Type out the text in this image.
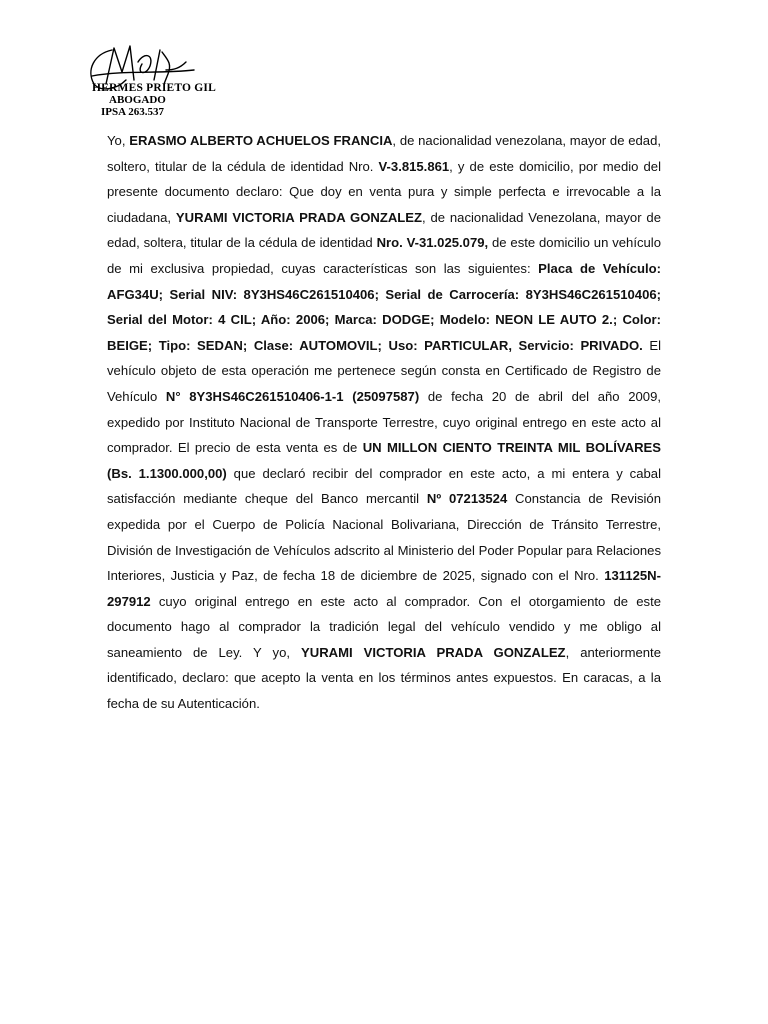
HERMES PRIETO GIL
ABOGADO
IPSA 263.537

Yo, ERASMO ALBERTO ACHUELOS FRANCIA, de nacionalidad venezolana, mayor de edad, soltero, titular de la cédula de identidad Nro. V-3.815.861, y de este domicilio, por medio del presente documento declaro: Que doy en venta pura y simple perfecta e irrevocable a la ciudadana, YURAMI VICTORIA PRADA GONZALEZ, de nacionalidad Venezolana, mayor de edad, soltera, titular de la cédula de identidad Nro. V-31.025.079, de este domicilio un vehículo de mi exclusiva propiedad, cuyas características son las siguientes: Placa de Vehículo: AFG34U; Serial NIV: 8Y3HS46C261510406; Serial de Carrocería: 8Y3HS46C261510406; Serial del Motor: 4 CIL; Año: 2006; Marca: DODGE; Modelo: NEON LE AUTO 2.; Color: BEIGE; Tipo: SEDAN; Clase: AUTOMOVIL; Uso: PARTICULAR, Servicio: PRIVADO. El vehículo objeto de esta operación me pertenece según consta en Certificado de Registro de Vehículo N° 8Y3HS46C261510406-1-1 (25097587) de fecha 20 de abril del año 2009, expedido por Instituto Nacional de Transporte Terrestre, cuyo original entrego en este acto al comprador. El precio de esta venta es de UN MILLON CIENTO TREINTA MIL BOLÍVARES (Bs. 1.1300.000,00) que declaró recibir del comprador en este acto, a mi entera y cabal satisfacción mediante cheque del Banco mercantil Nº 07213524 Constancia de Revisión expedida por el Cuerpo de Policía Nacional Bolivariana, Dirección de Tránsito Terrestre, División de Investigación de Vehículos adscrito al Ministerio del Poder Popular para Relaciones Interiores, Justicia y Paz, de fecha 18 de diciembre de 2025, signado con el Nro. 131125N-297912 cuyo original entrego en este acto al comprador. Con el otorgamiento de este documento hago al comprador la tradición legal del vehículo vendido y me obligo al saneamiento de Ley. Y yo, YURAMI VICTORIA PRADA GONZALEZ, anteriormente identificado, declaro: que acepto la venta en los términos antes expuestos. En caracas, a la fecha de su Autenticación.
